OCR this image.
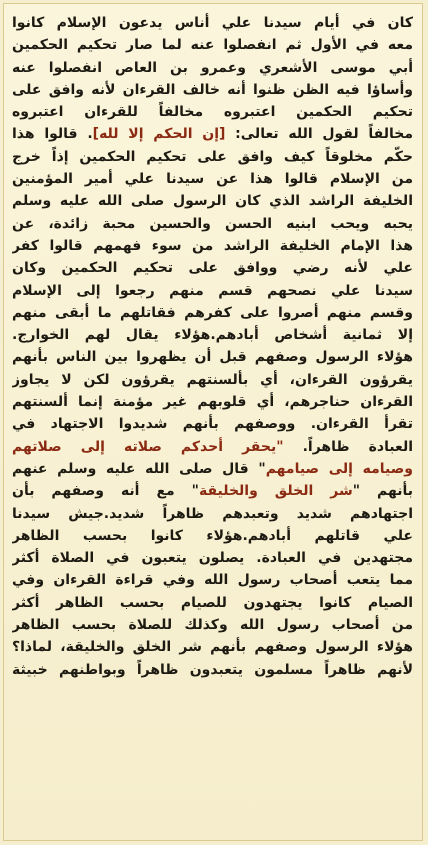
كان في أيام سيدنا علي أناس يدعون الإسلام كانوا
معه في الأول ثم انفصلوا عنه لما صار تحكيم الحكمين
أبي موسى الأشعري وعمرو بن العاص انفصلوا عنه
وأساؤا فيه الظن ظنوا أنه خالف القرءان لأنه وافق على
تحكيم الحكمين اعتبروه مخالفاً للقرءان اعتبروه
مخالفاً لقول الله تعالى: [إن الحكم إلا لله]. قالوا هذا
حكّم مخلوقاً كيف وافق على تحكيم الحكمين إذاً خرج
من الإسلام قالوا هذا عن سيدنا علي أمير المؤمنين
الخليفة الراشد الذي كان الرسول صلى الله عليه وسلم
يحبه ويحب ابنيه الحسن والحسين محبة زائدة، عن
هذا الإمام الخليفة الراشد من سوء فهمهم قالوا كفر
علي لأنه رضي ووافق على تحكيم الحكمين وكان
سيدنا علي نصحهم قسم منهم رجعوا إلى الإسلام
وقسم منهم أصروا على كفرهم فقاتلهم ما أبقى منهم
إلا ثمانية أشخاص أبادهم.هؤلاء يقال لهم الخوارج.
هؤلاء الرسول وصفهم قبل أن يظهروا بين الناس بأنهم
يقرؤون القرءان، أي بألسنتهم يقرؤون لكن لا يجاوز
القرءان حناجرهم، أي قلوبهم غير مؤمنة إنما ألسنتهم
تقرأ القرءان. ووصفهم بأنهم شديدوا الاجتهاد في
العبادة ظاهراً. "يحقر أحدكم صلاته إلى صلاتهم
وصيامه إلى صيامهم" قال صلى الله عليه وسلم عنهم
بأنهم "شر الخلق والخليقة" مع أنه وصفهم بأن
اجتهادهم شديد وتعبدهم ظاهراً شديد.جيش سيدنا
علي قاتلهم أبادهم.هؤلاء كانوا بحسب الظاهر
مجتهدين في العبادة. يصلون يتعبون في الصلاة أكثر
مما يتعب أصحاب رسول الله وفي قراءة القرءان وفي
الصيام كانوا يجتهدون للصيام بحسب الظاهر أكثر
من أصحاب رسول الله وكذلك للصلاة بحسب الظاهر
هؤلاء الرسول وصفهم بأنهم شر الخلق والخليقة، لماذا؟
لأنهم ظاهراً مسلمون يتعبدون ظاهراً وبواطنهم خبيثة
